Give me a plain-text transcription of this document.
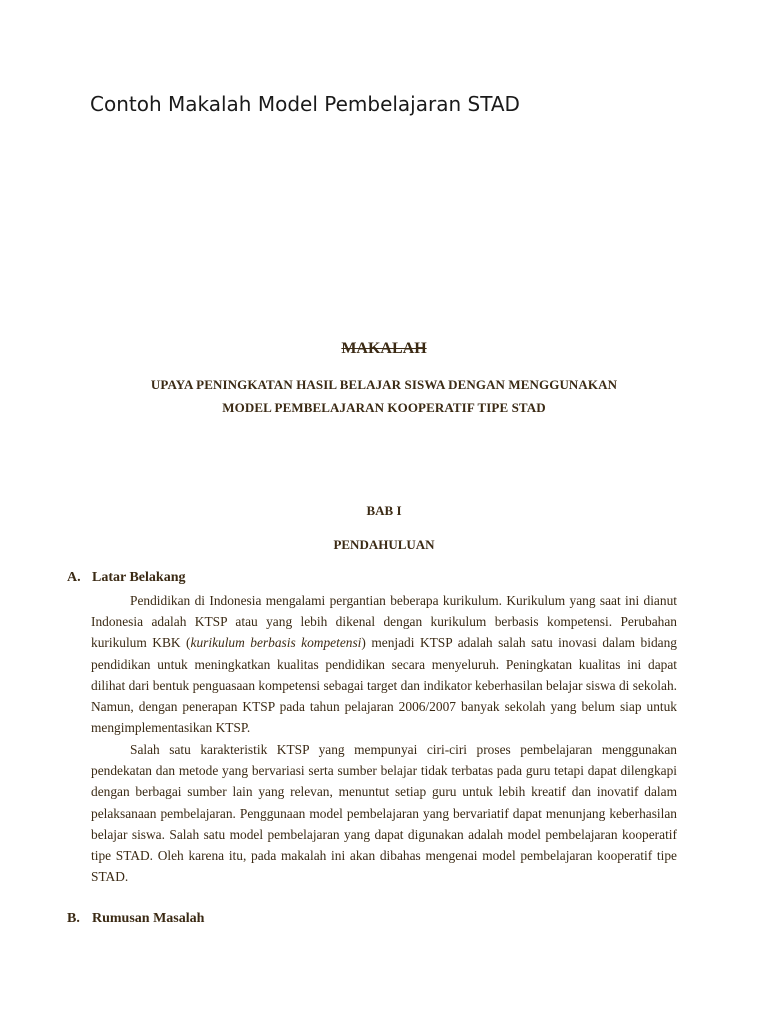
Contoh Makalah Model Pembelajaran STAD
MAKALAH
UPAYA PENINGKATAN HASIL BELAJAR SISWA DENGAN MENGGUNAKAN
MODEL PEMBELAJARAN KOOPERATIF TIPE STAD
BAB I
PENDAHULUAN
A. Latar Belakang

Pendidikan di Indonesia mengalami pergantian beberapa kurikulum. Kurikulum yang saat ini dianut Indonesia adalah KTSP atau yang lebih dikenal dengan kurikulum berbasis kompetensi. Perubahan kurikulum KBK (kurikulum berbasis kompetensi) menjadi KTSP adalah salah satu inovasi dalam bidang pendidikan untuk meningkatkan kualitas pendidikan secara menyeluruh. Peningkatan kualitas ini dapat dilihat dari bentuk penguasaan kompetensi sebagai target dan indikator keberhasilan belajar siswa di sekolah. Namun, dengan penerapan KTSP pada tahun pelajaran 2006/2007 banyak sekolah yang belum siap untuk mengimplementasikan KTSP.

Salah satu karakteristik KTSP yang mempunyai ciri-ciri proses pembelajaran menggunakan pendekatan dan metode yang bervariasi serta sumber belajar tidak terbatas pada guru tetapi dapat dilengkapi dengan berbagai sumber lain yang relevan, menuntut setiap guru untuk lebih kreatif dan inovatif dalam pelaksanaan pembelajaran. Penggunaan model pembelajaran yang bervariatif dapat menunjang keberhasilan belajar siswa. Salah satu model pembelajaran yang dapat digunakan adalah model pembelajaran kooperatif tipe STAD. Oleh karena itu, pada makalah ini akan dibahas mengenai model pembelajaran kooperatif tipe STAD.

B. Rumusan Masalah
